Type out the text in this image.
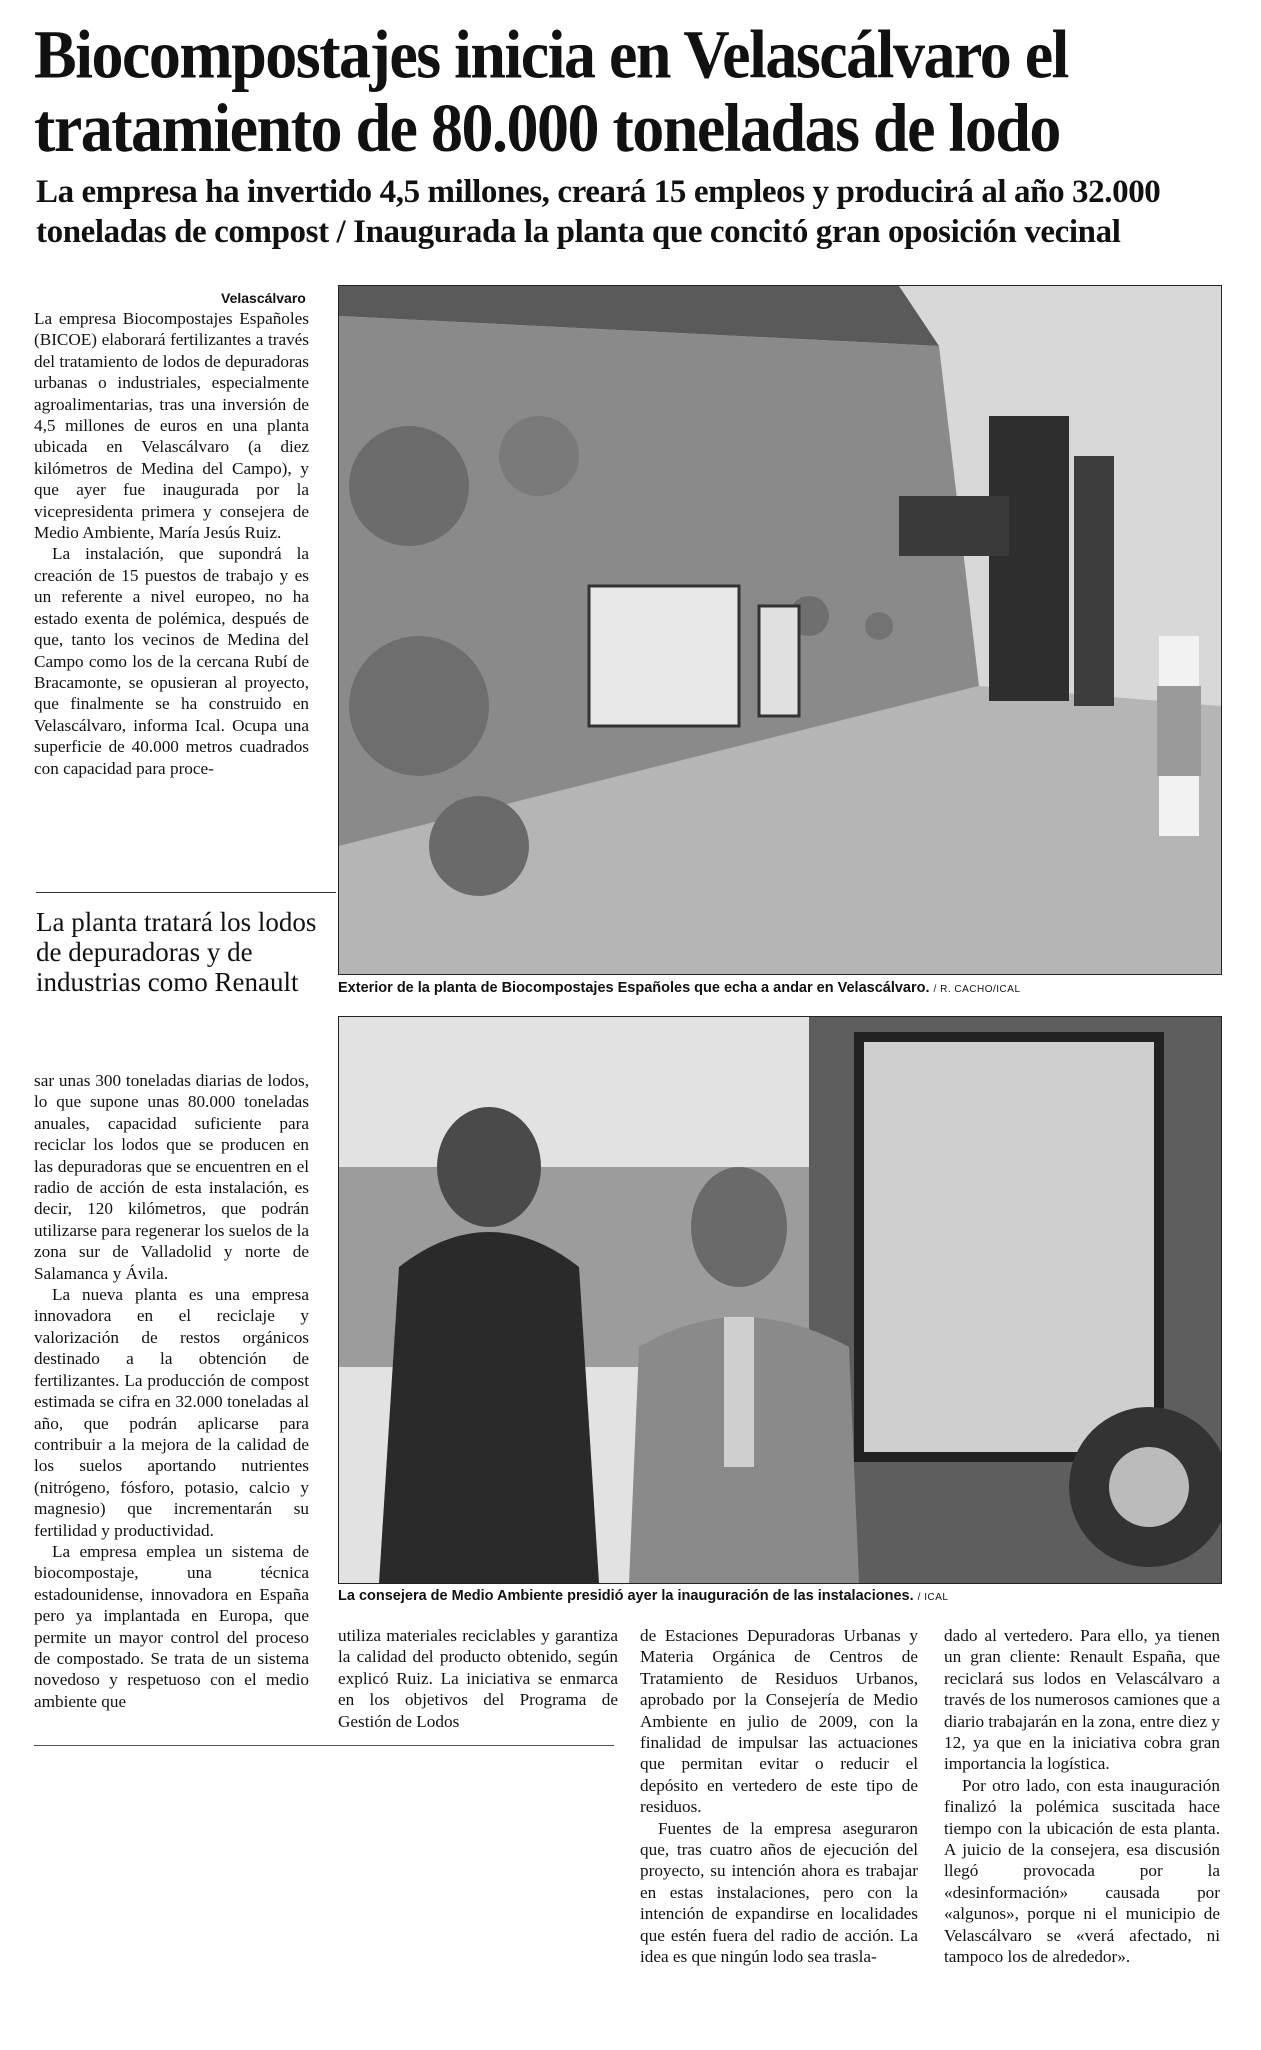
Biocompostajes inicia en Velascálvaro el tratamiento de 80.000 toneladas de lodo
La empresa ha invertido 4,5 millones, creará 15 empleos y producirá al año 32.000 toneladas de compost / Inaugurada la planta que concitó gran oposición vecinal
Velascálvaro

La empresa Biocompostajes Españoles (BICOE) elaborará fertilizantes a través del tratamiento de lodos de depuradoras urbanas o industriales, especialmente agroalimentarias, tras una inversión de 4,5 millones de euros en una planta ubicada en Velascálvaro (a diez kilómetros de Medina del Campo), y que ayer fue inaugurada por la vicepresidenta primera y consejera de Medio Ambiente, María Jesús Ruiz.

La instalación, que supondrá la creación de 15 puestos de trabajo y es un referente a nivel europeo, no ha estado exenta de polémica, después de que, tanto los vecinos de Medina del Campo como los de la cercana Rubí de Bracamonte, se opusieran al proyecto, que finalmente se ha construido en Velascálvaro, informa Ical. Ocupa una superficie de 40.000 metros cuadrados con capacidad para proce-

La planta tratará los lodos de depuradoras y de industrias como Renault

sar unas 300 toneladas diarias de lodos, lo que supone unas 80.000 toneladas anuales, capacidad suficiente para reciclar los lodos que se producen en las depuradoras que se encuentren en el radio de acción de esta instalación, es decir, 120 kilómetros, que podrán utilizarse para regenerar los suelos de la zona sur de Valladolid y norte de Salamanca y Ávila.

La nueva planta es una empresa innovadora en el reciclaje y valorización de restos orgánicos destinado a la obtención de fertilizantes. La producción de compost estimada se cifra en 32.000 toneladas al año, que podrán aplicarse para contribuir a la mejora de la calidad de los suelos aportando nutrientes (nitrógeno, fósforo, potasio, calcio y magnesio) que incrementarán su fertilidad y productividad.

La empresa emplea un sistema de biocompostaje, una técnica estadounidense, innovadora en España pero ya implantada en Europa, que permite un mayor control del proceso de compostado. Se trata de un sistema novedoso y respetuoso con el medio ambiente que

Exterior de la planta de Biocompostajes Españoles que echa a andar en Velascálvaro. / R. CACHO/ICAL
La consejera de Medio Ambiente presidió ayer la inauguración de las instalaciones. / ICAL

utiliza materiales reciclables y garantiza la calidad del producto obtenido, según explicó Ruiz. La iniciativa se enmarca en los objetivos del Programa de Gestión de Lodos

de Estaciones Depuradoras Urbanas y Materia Orgánica de Centros de Tratamiento de Residuos Urbanos, aprobado por la Consejería de Medio Ambiente en julio de 2009, con la finalidad de impulsar las actuaciones que permitan evitar o reducir el depósito en vertedero de este tipo de residuos.

Fuentes de la empresa aseguraron que, tras cuatro años de ejecución del proyecto, su intención ahora es trabajar en estas instalaciones, pero con la intención de expandirse en localidades que estén fuera del radio de acción. La idea es que ningún lodo sea trasla-

dado al vertedero. Para ello, ya tienen un gran cliente: Renault España, que reciclará sus lodos en Velascálvaro a través de los numerosos camiones que a diario trabajarán en la zona, entre diez y 12, ya que en la iniciativa cobra gran importancia la logística.

Por otro lado, con esta inauguración finalizó la polémica suscitada hace tiempo con la ubicación de esta planta. A juicio de la consejera, esa discusión llegó provocada por la «desinformación» causada por «algunos», porque ni el municipio de Velascálvaro se «verá afectado, ni tampoco los de alrededor».
